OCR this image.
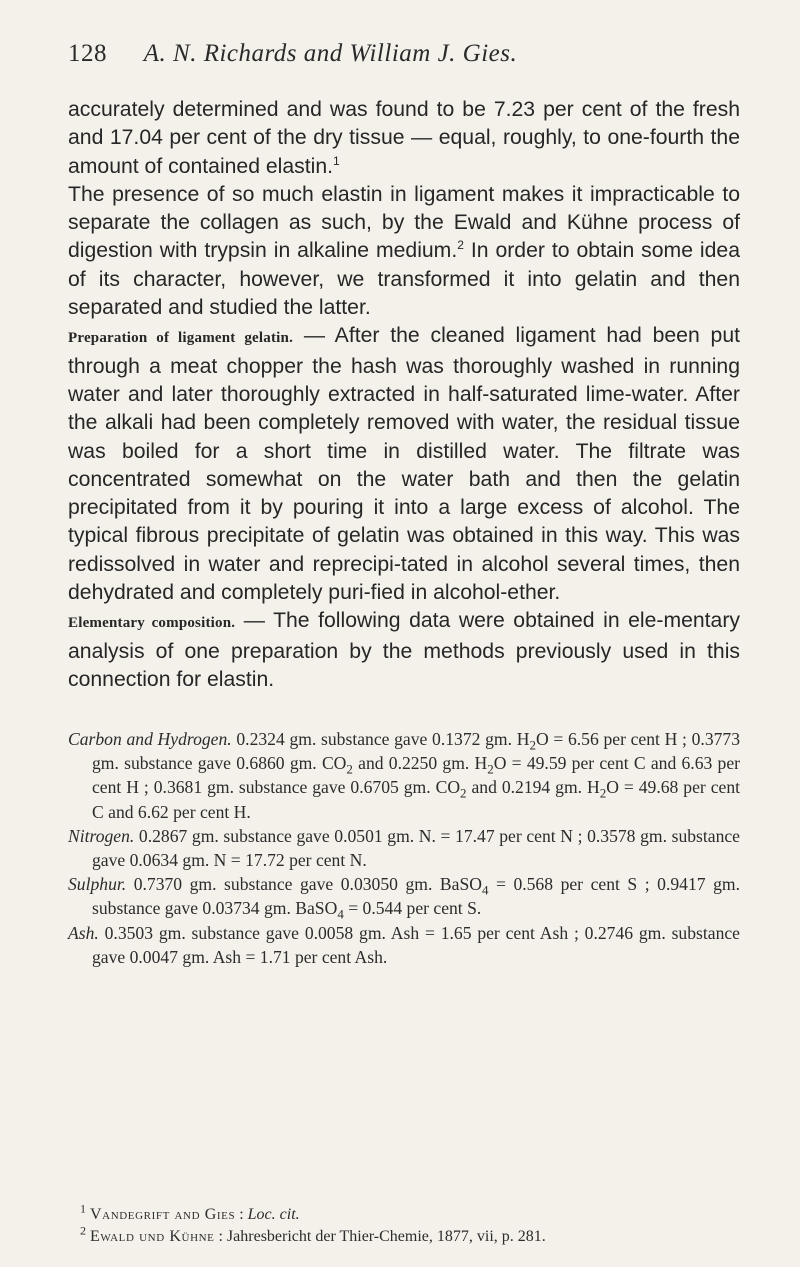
128 A. N. Richards and William J. Gies.

accurately determined and was found to be 7.23 per cent of the fresh and 17.04 per cent of the dry tissue — equal, roughly, to one-fourth the amount of contained elastin.$^1$

The presence of so much elastin in ligament makes it impracticable to separate the collagen as such, by the Ewald and Kühne process of digestion with trypsin in alkaline medium.$^2$ In order to obtain some idea of its character, however, we transformed it into gelatin and then separated and studied the latter.

Preparation of ligament gelatin. — After the cleaned ligament had been put through a meat chopper the hash was thoroughly washed in running water and later thoroughly extracted in half-saturated lime-water. After the alkali had been completely removed with water, the residual tissue was boiled for a short time in distilled water. The filtrate was concentrated somewhat on the water bath and then the gelatin precipitated from it by pouring it into a large excess of alcohol. The typical fibrous precipitate of gelatin was obtained in this way. This was redissolved in water and reprecipi-tated in alcohol several times, then dehydrated and completely puri-fied in alcohol-ether.

Elementary composition. — The following data were obtained in ele-mentary analysis of one preparation by the methods previously used in this connection for elastin.

Carbon and Hydrogen. 0.2324 gm. substance gave 0.1372 gm. $H_2O = 6.56$ per cent H ; 0.3773 gm. substance gave 0.6860 gm. $CO_2$ and 0.2250 gm. $H_2O = 49.59$ per cent C and 6.63 per cent H ; 0.3681 gm. substance gave 0.6705 gm. $CO_2$ and 0.2194 gm. $H_2O = 49.68$ per cent C and 6.62 per cent H.

Nitrogen. 0.2867 gm. substance gave 0.0501 gm. N. = 17.47 per cent N ; 0.3578 gm. substance gave 0.0634 gm. N = 17.72 per cent N.

Sulphur. 0.7370 gm. substance gave 0.03050 gm. BaSO$_4$ = 0.568 per cent S ; 0.9417 gm. substance gave 0.03734 gm. BaSO$_4$ = 0.544 per cent S.

Ash. 0.3503 gm. substance gave 0.0058 gm. Ash = 1.65 per cent Ash ; 0.2746 gm. substance gave 0.0047 gm. Ash = 1.71 per cent Ash.

$^1$ Vandegrift and Gies : Loc. cit.

$^2$ Ewald und Kühne : Jahresbericht der Thier-Chemie, 1877, vii, p. 281.
